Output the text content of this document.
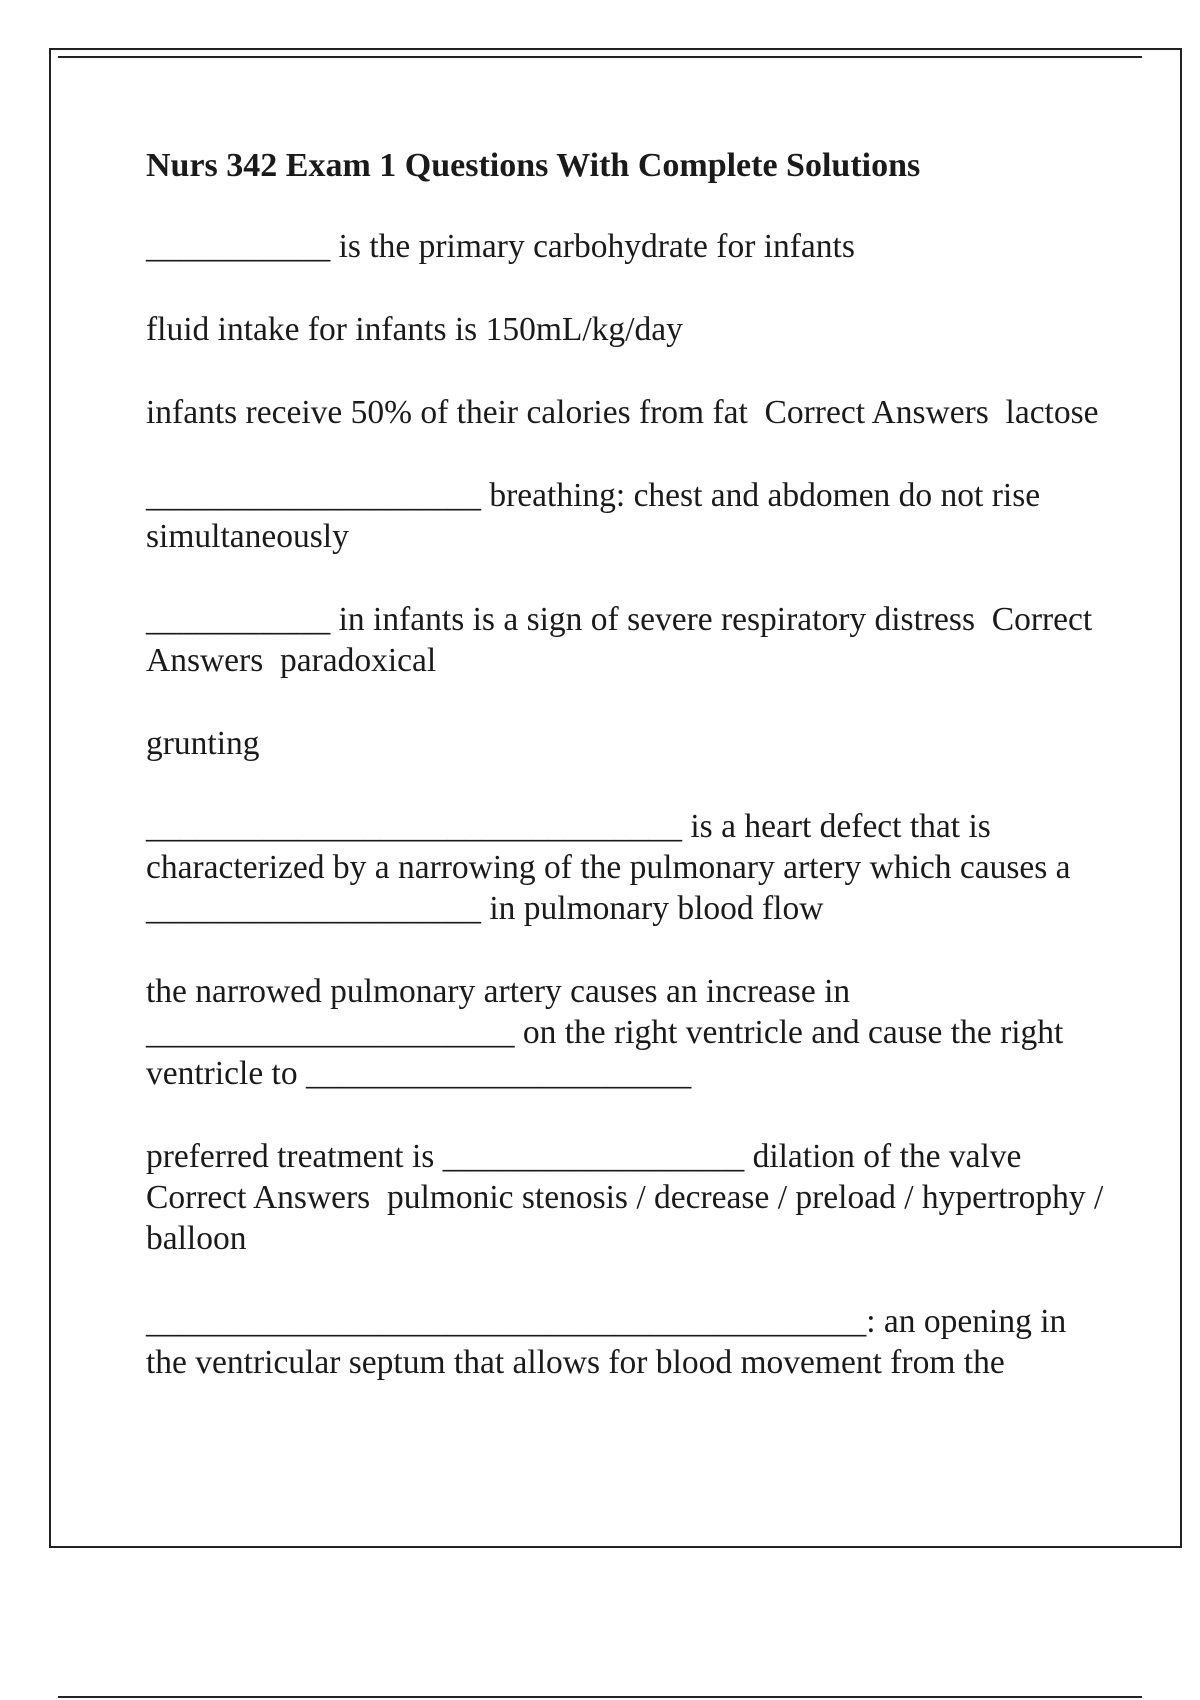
Nurs 342 Exam 1 Questions With Complete Solutions

___________ is the primary carbohydrate for infants

fluid intake for infants is 150mL/kg/day

infants receive 50% of their calories from fat  Correct Answers  lactose

____________________ breathing: chest and abdomen do not rise simultaneously

___________ in infants is a sign of severe respiratory distress  Correct Answers  paradoxical

grunting

________________________________ is a heart defect that is characterized by a narrowing of the pulmonary artery which causes a ____________________ in pulmonary blood flow

the narrowed pulmonary artery causes an increase in ______________________ on the right ventricle and cause the right ventricle to _______________________

preferred treatment is __________________ dilation of the valve  Correct Answers  pulmonic stenosis / decrease / preload / hypertrophy / balloon

___________________________________________: an opening in the ventricular septum that allows for blood movement from the
